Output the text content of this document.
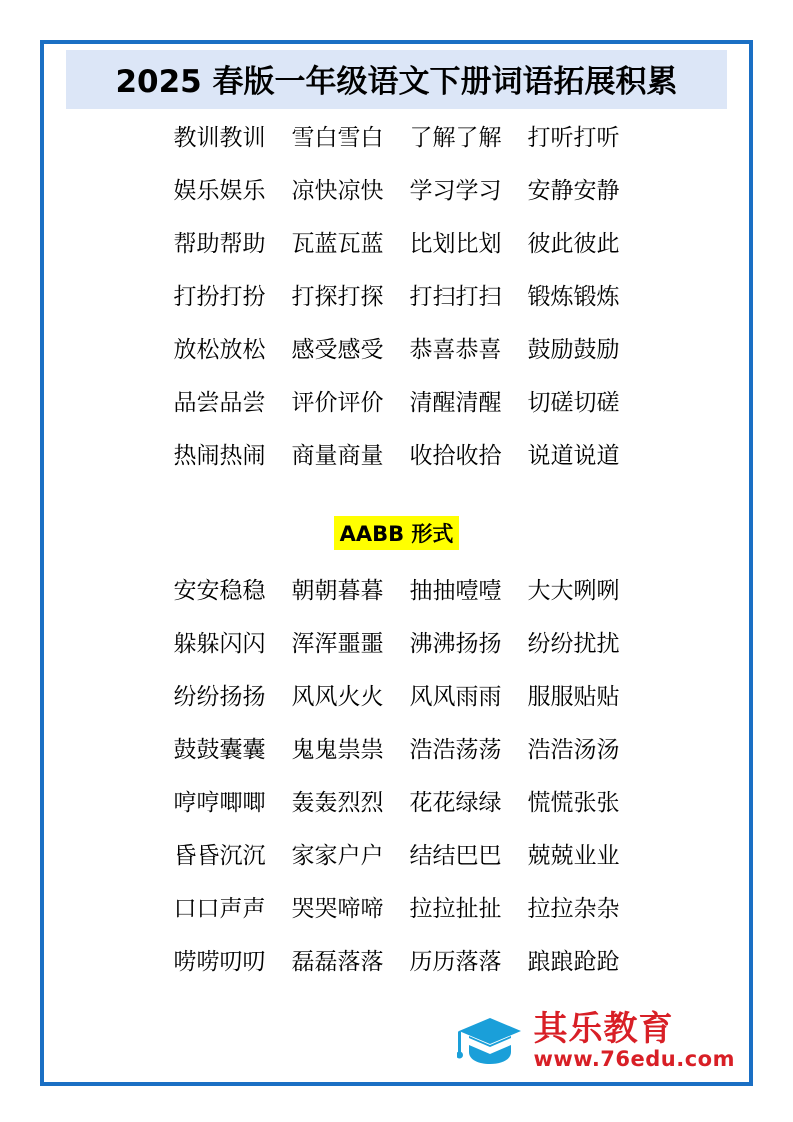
2025 春版一年级语文下册词语拓展积累
教训教训 雪白雪白 了解了解 打听打听
娱乐娱乐 凉快凉快 学习学习 安静安静
帮助帮助 瓦蓝瓦蓝 比划比划 彼此彼此
打扮打扮 打探打探 打扫打扫 锻炼锻炼
放松放松 感受感受 恭喜恭喜 鼓励鼓励
品尝品尝 评价评价 清醒清醒 切磋切磋
热闹热闹 商量商量 收拾收拾 说道说道
AABB 形式
安安稳稳 朝朝暮暮 抽抽噎噎 大大咧咧
躲躲闪闪 浑浑噩噩 沸沸扬扬 纷纷扰扰
纷纷扬扬 风风火火 风风雨雨 服服贴贴
鼓鼓囊囊 鬼鬼祟祟 浩浩荡荡 浩浩汤汤
哼哼唧唧 轰轰烈烈 花花绿绿 慌慌张张
昏昏沉沉 家家户户 结结巴巴 兢兢业业
口口声声 哭哭啼啼 拉拉扯扯 拉拉杂杂
唠唠叨叨 磊磊落落 历历落落 踉踉跄跄
其乐教育
www.76edu.com
